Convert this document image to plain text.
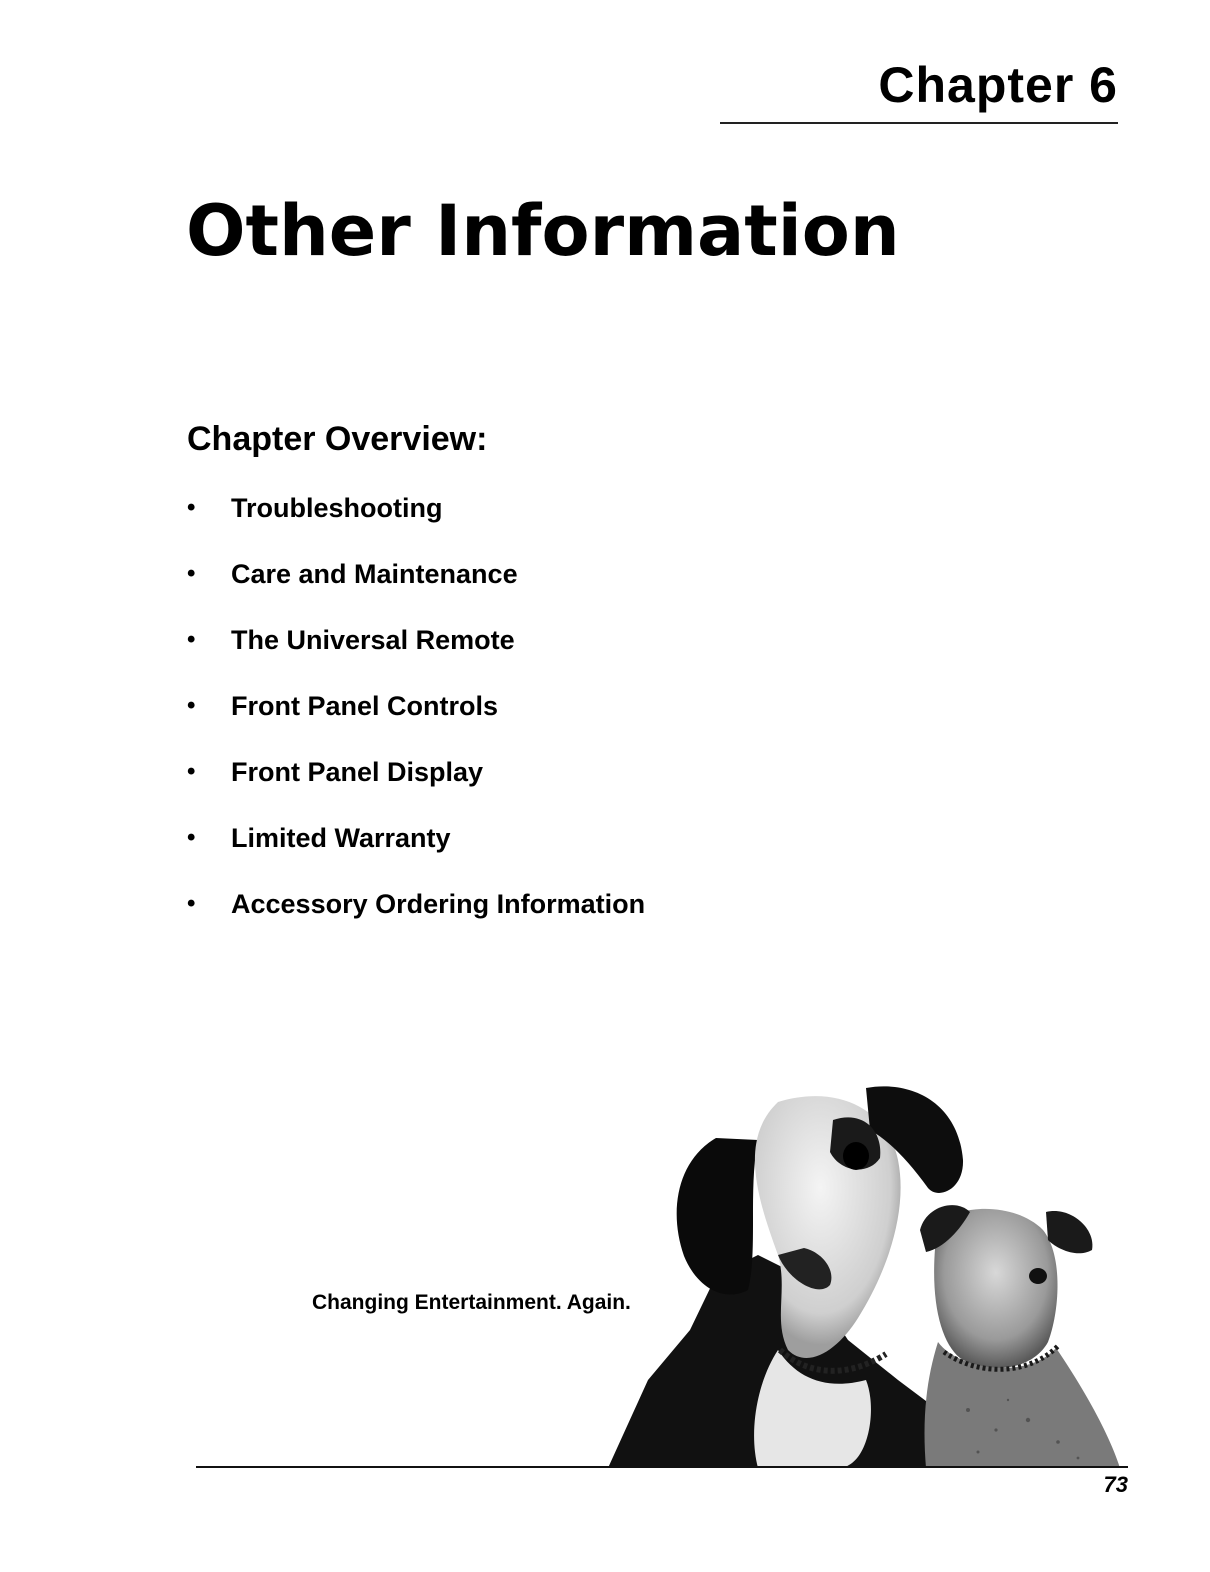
Chapter 6
Other Information
Chapter Overview:
•	Troubleshooting
•	Care and Maintenance
•	The Universal Remote
•	Front Panel Controls
•	Front Panel Display
•	Limited Warranty
•	Accessory Ordering Information
Changing Entertainment. Again.
73
